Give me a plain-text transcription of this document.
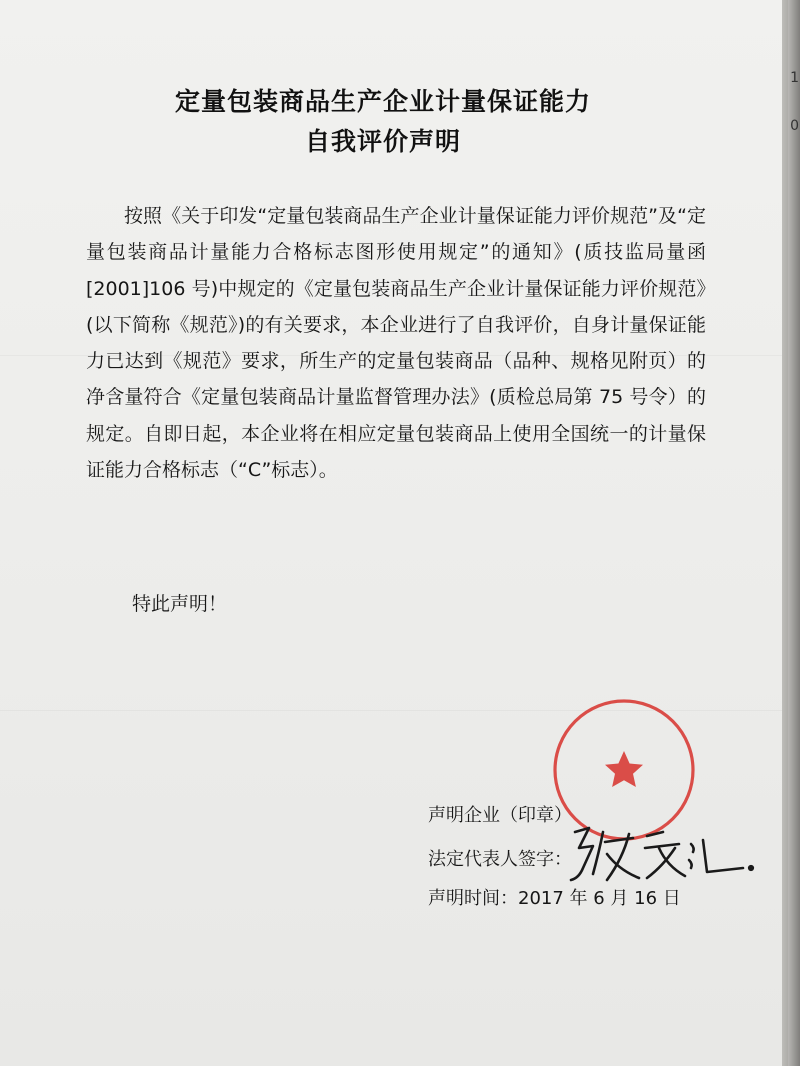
1
0
定量包装商品生产企业计量保证能力
自我评价声明
按照《关于印发“定量包装商品生产企业计量保证能力评价规范”及“定量包装商品计量能力合格标志图形使用规定”的通知》(质技监局量函[2001]106 号)中规定的《定量包装商品生产企业计量保证能力评价规范》(以下简称《规范》)的有关要求，本企业进行了自我评价，自身计量保证能力已达到《规范》要求，所生产的定量包装商品（品种、规格见附页）的净含量符合《定量包装商品计量监督管理办法》(质检总局第 75 号令）的规定。自即日起，本企业将在相应定量包装商品上使用全国统一的计量保证能力合格标志（“C”标志）。
特此声明！
声明企业（印章）
法定代表人签字：
声明时间：2017 年 6 月 16 日
